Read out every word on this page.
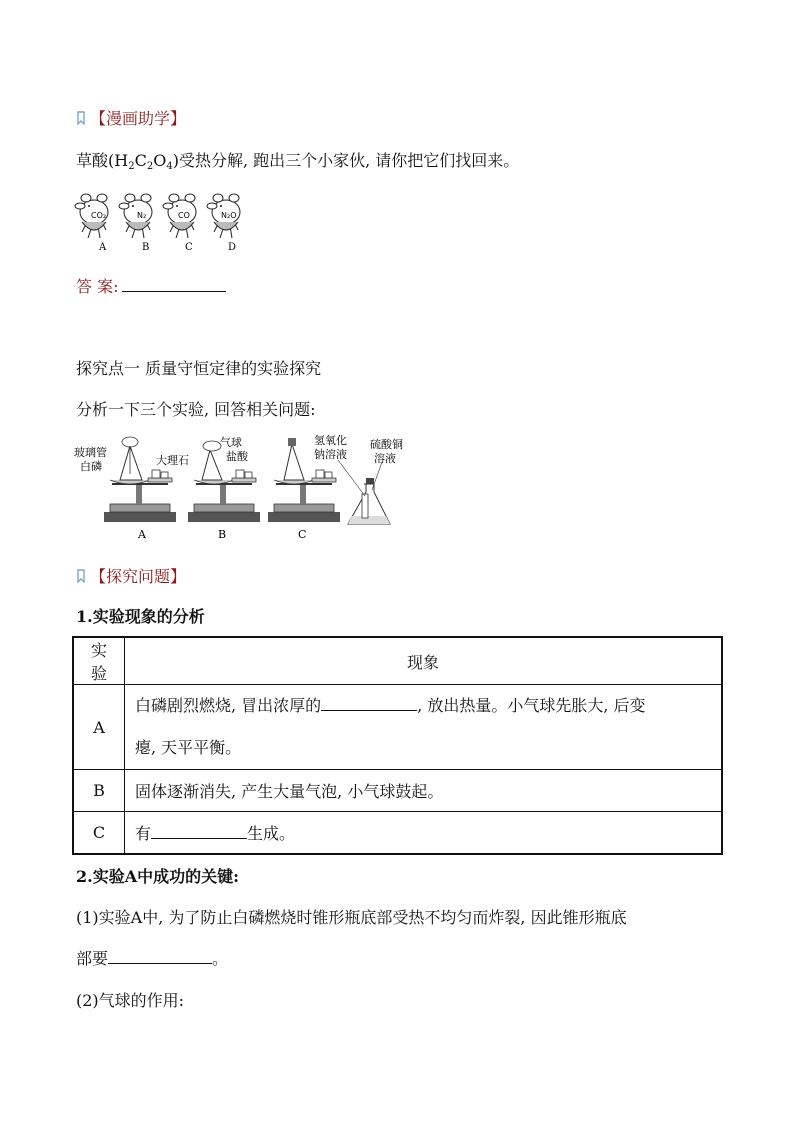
【漫画助学】
草酸$(H_2C_2O_4)$受热分解, 跑出三个小家伙, 请你把它们找回来。
CO₂	N₂	CO	N₂O
A	B	C	D
答 案:
探究点一 质量守恒定律的实验探究
分析一下三个实验, 回答相关问题:
玻璃管
白磷	大理石
气球
盐酸
氢氧化
钠溶液
硫酸铜
溶液
A	B	C
【探究问题】
1.实验现象的分析
实验	现象
A	白磷剧烈燃烧, 冒出浓厚的 , 放出热量。小气球先胀大, 后变
瘪, 天平平衡。
B	固体逐渐消失, 产生大量气泡, 小气球鼓起。
C	有 生成。
2.实验A中成功的关键:
(1)实验A中, 为了防止白磷燃烧时锥形瓶底部受热不均匀而炸裂, 因此锥形瓶底
部要	。
(2)气球的作用:
